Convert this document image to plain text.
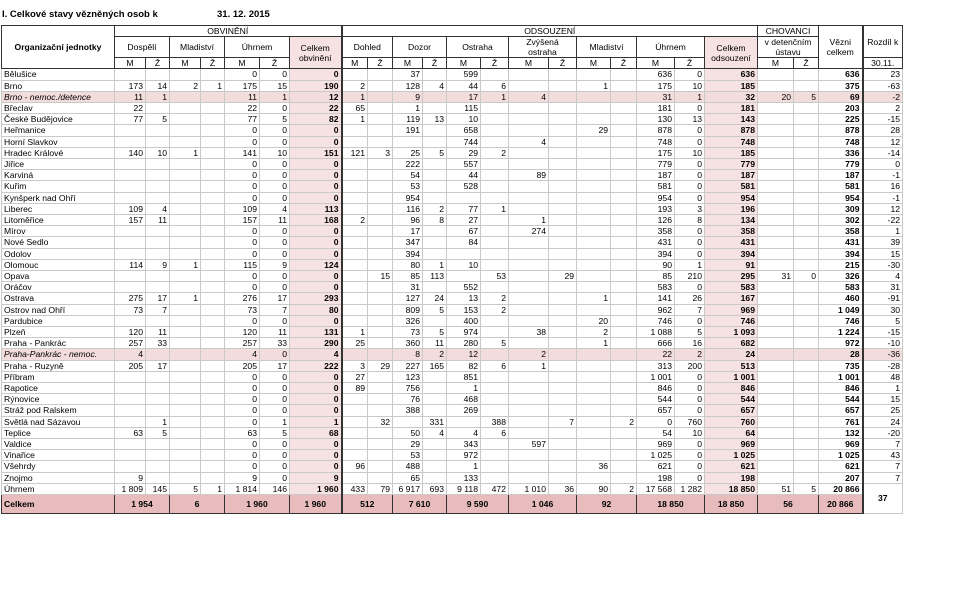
I. Celkové stavy vězněných osob k	31. 12. 2015
Organizační jednotky	OBVINĚNÍ							ODSOUZENÍ													CHOVANCI		Vězni celkem	Rozdíl k
	Dospělí		Mladiství		Úhrnem		Celkem obvinění	Dohled		Dozor		Ostraha		Zvýšená ostraha		Mladiství		Úhrnem		Celkem odsouzení	v detenčním ústavu			
	M	Ž	M	Ž	M	Ž		M	Ž	M	Ž	M	Ž	M	Ž	M	Ž	M	Ž		M	Ž		30.11.
Bělušice					0	0	0			37		599						636	0	636			636	23
Brno	173	14	2	1	175	15	190	2		128	4	44	6			1		175	10	185			375	-63
Brno - nemoc./detence	11	1			11	1	12	1		9		17	1	4				31	1	32	20	5	69	-2
Břeclav	22				22	0	22	65		1		115						181	0	181			203	2
České Budějovice	77	5			77	5	82	1		119	13	10						130	13	143			225	-15
Heřmanice					0	0	0			191		658				29		878	0	878			878	28
Horní Slavkov					0	0	0					744		4				748	0	748			748	12
Hradec Králové	140	10	1		141	10	151	121	3	25	5	29	2					175	10	185			336	-14
Jiřice					0	0	0			222		557						779	0	779			779	0
Karviná					0	0	0			54		44		89				187	0	187			187	-1
Kuřim					0	0	0			53		528						581	0	581			581	16
Kynšperk nad Ohří					0	0	0			954								954	0	954			954	-1
Liberec	109	4			109	4	113			116	2	77	1					193	3	196			309	12
Litoměřice	157	11			157	11	168	2		96	8	27		1				126	8	134			302	-22
Mírov					0	0	0			17		67		274				358	0	358			358	1
Nové Sedlo					0	0	0			347		84						431	0	431			431	39
Odolov					0	0	0			394								394	0	394			394	15
Olomouc	114	9	1		115	9	124			80	1	10						90	1	91			215	-30
Opava					0	0	0		15	85	113		53		29			85	210	295	31	0	326	4
Oráčov					0	0	0			31		552						583	0	583			583	31
Ostrava	275	17	1		276	17	293			127	24	13	2			1		141	26	167			460	-91
Ostrov nad Ohří	73	7			73	7	80			809	5	153	2					962	7	969			1 049	30
Pardubice					0	0	0			326		400				20		746	0	746			746	5
Plzeň	120	11			120	11	131	1		73	5	974		38		2		1 088	5	1 093			1 224	-15
Praha - Pankrác	257	33			257	33	290	25		360	11	280	5			1		666	16	682			972	-10
Praha-Pankrác - nemoc.	4				4	0	4			8	2	12		2				22	2	24			28	-36
Praha - Ruzyně	205	17			205	17	222	3	29	227	165	82	6	1				313	200	513			735	-28
Příbram					0	0	0	27		123		851						1 001	0	1 001			1 001	48
Rapotice					0	0	0	89		756		1						846	0	846			846	1
Rýnovice					0	0	0			76		468						544	0	544			544	15
Stráž pod Ralskem					0	0	0			388		269						657	0	657			657	25
Světlá nad Sázavou		1			0	1	1		32		331		388		7		2	0	760	760			761	24
Teplice	63	5			63	5	68			50	4	4	6					54	10	64			132	-20
Valdice					0	0	0			29		343		597				969	0	969			969	7
Vinařice					0	0	0			53		972						1 025	0	1 025			1 025	43
Všehrdy					0	0	0	96		488		1				36		621	0	621			621	7
Znojmo	9				9	0	9			65		133						198	0	198			207	7
Úhrnem	1 809	145	5	1	1 814	146	1 960	433	79	6 917	693	9 118	472	1 010	36	90	2	17 568	1 282	18 850	51	5	20 866	37
Celkem	1 954		6		1 960		1 960	512		7 610		9 590		1 046		92		18 850		18 850	56		20 866	
